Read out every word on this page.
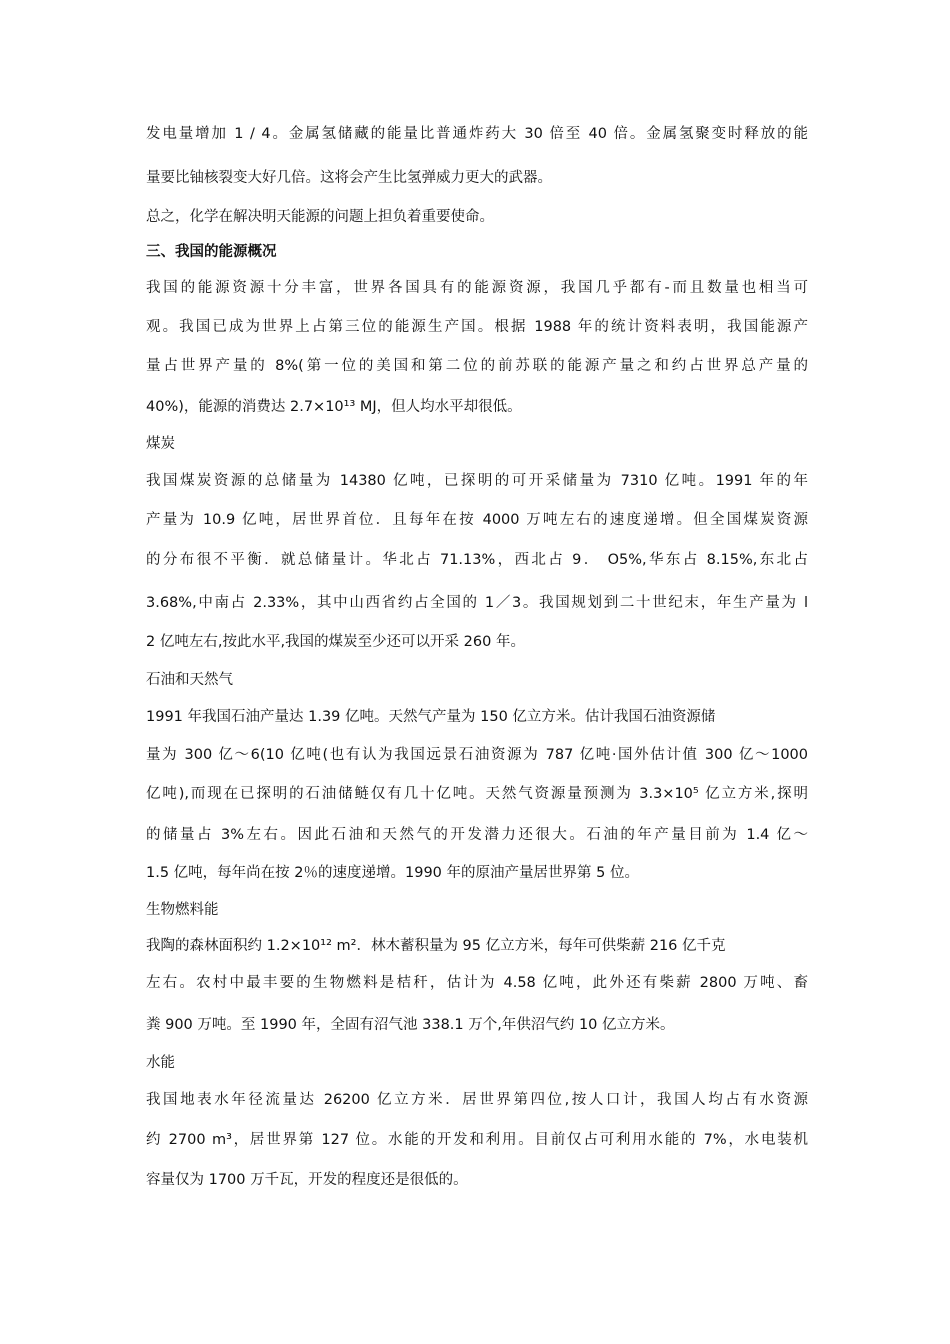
发电量增加 1 / 4。金属氢储藏的能量比普通炸药大 30 倍至 40 倍。金属氢聚变时释放的能
量要比铀核裂变大好几倍。这将会产生比氢弹威力更大的武器。
总之，化学在解决明天能源的问题上担负着重要使命。
三、我国的能源概况
我国的能源资源十分丰富，世界各国具有的能源资源，我国几乎都有-而且数量也相当可
观。我国已成为世界上占第三位的能源生产国。根据 1988 年的统计资料表明，我国能源产
量占世界产量的 8%(第一位的美国和第二位的前苏联的能源产量之和约占世界总产量的
40%)，能源的消费达 2.7×10¹³ MJ，但人均水平却很低。
煤炭
我国煤炭资源的总储量为 14380 亿吨，已探明的可开采储量为 7310 亿吨。1991 年的年
产量为 10.9 亿吨，居世界首位．且每年在按 4000 万吨左右的速度递增。但全国煤炭资源
的分布很不平衡．就总储量计。华北占 71.13%，西北占 9． O5%,华东占 8.15%,东北占
3.68%,中南占 2.33%，其中山西省约占全国的 1／3。我国规划到二十世纪末，年生产量为 l
2 亿吨左右,按此水平,我国的煤炭至少还可以开采 260 年。
石油和天然气
1991 年我国石油产量达 1.39 亿吨。天然气产量为 150 亿立方米。估计我国石油资源储
量为 300 亿～6(10 亿吨(也有认为我国远景石油资源为 787 亿吨·国外估计值 300 亿～1000
亿吨),而现在已探明的石油储鲢仅有几十亿吨。天然气资源量预测为 3.3×10⁵ 亿立方米,探明
的储量占 3%左右。因此石油和天然气的开发潜力还很大。石油的年产量目前为 1.4 亿～
1.5 亿吨，每年尚在按 2％的速度递增。1990 年的原油产量居世界第 5 位。
生物燃料能
我陶的森林面积约 1.2×10¹² m²．林木蓄积量为 95 亿立方米，每年可供柴薪 216 亿千克
左右。农村中最丰要的生物燃料是桔秆，估计为 4.58 亿吨，此外还有柴薪 2800 万吨、畜
粪 900 万吨。至 1990 年，全固有沼气池 338.1 万个,年供沼气约 10 亿立方米。
水能
我国地表水年径流量达 26200 亿立方米．居世界第四位,按人口计，我国人均占有水资源
约 2700 m³，居世界第 127 位。水能的开发和利用。目前仅占可利用水能的 7%，水电装机
容量仅为 1700 万千瓦，开发的程度还是很低的。
